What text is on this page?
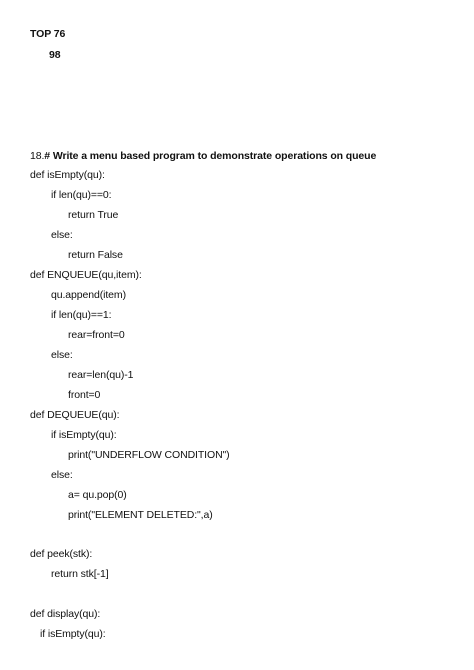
TOP 76
98
18.# Write a menu based program to demonstrate operations on queue
def isEmpty(qu):
if len(qu)==0:
return True
else:
return False
def ENQUEUE(qu,item):
qu.append(item)
if len(qu)==1:
rear=front=0
else:
rear=len(qu)-1
front=0
def DEQUEUE(qu):
if isEmpty(qu):
print("UNDERFLOW CONDITION")
else:
a= qu.pop(0)
print("ELEMENT DELETED:",a)
def peek(stk):
return stk[-1]
def display(qu):
if isEmpty(qu):
